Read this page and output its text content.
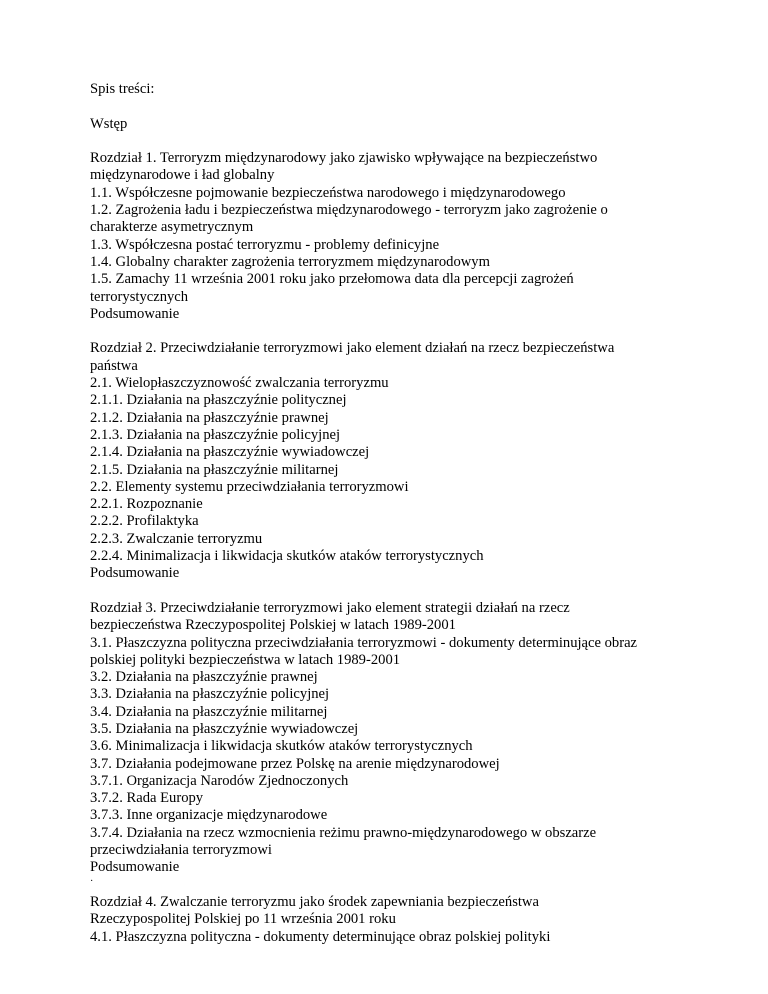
Spis treści:
Wstęp
Rozdział 1. Terroryzm międzynarodowy jako zjawisko wpływające na bezpieczeństwo
międzynarodowe i ład globalny
1.1. Współczesne pojmowanie bezpieczeństwa narodowego i międzynarodowego
1.2. Zagrożenia ładu i bezpieczeństwa międzynarodowego - terroryzm jako zagrożenie o
charakterze asymetrycznym
1.3. Współczesna postać terroryzmu - problemy definicyjne
1.4. Globalny charakter zagrożenia terroryzmem międzynarodowym
1.5. Zamachy 11 września 2001 roku jako przełomowa data dla percepcji zagrożeń
terrorystycznych
Podsumowanie
Rozdział 2. Przeciwdziałanie terroryzmowi jako element działań na rzecz bezpieczeństwa
państwa
2.1. Wielopłaszczyznowość zwalczania terroryzmu
2.1.1. Działania na płaszczyźnie politycznej
2.1.2. Działania na płaszczyźnie prawnej
2.1.3. Działania na płaszczyźnie policyjnej
2.1.4. Działania na płaszczyźnie wywiadowczej
2.1.5. Działania na płaszczyźnie militarnej
2.2. Elementy systemu przeciwdziałania terroryzmowi
2.2.1. Rozpoznanie
2.2.2. Profilaktyka
2.2.3. Zwalczanie terroryzmu
2.2.4. Minimalizacja i likwidacja skutków ataków terrorystycznych
Podsumowanie
Rozdział 3. Przeciwdziałanie terroryzmowi jako element strategii działań na rzecz
bezpieczeństwa Rzeczypospolitej Polskiej w latach 1989-2001
3.1. Płaszczyzna polityczna przeciwdziałania terroryzmowi - dokumenty determinujące obraz
polskiej polityki bezpieczeństwa w latach 1989-2001
3.2. Działania na płaszczyźnie prawnej
3.3. Działania na płaszczyźnie policyjnej
3.4. Działania na płaszczyźnie militarnej
3.5. Działania na płaszczyźnie wywiadowczej
3.6. Minimalizacja i likwidacja skutków ataków terrorystycznych
3.7. Działania podejmowane przez Polskę na arenie międzynarodowej
3.7.1. Organizacja Narodów Zjednoczonych
3.7.2. Rada Europy
3.7.3. Inne organizacje międzynarodowe
3.7.4. Działania na rzecz wzmocnienia reżimu prawno-międzynarodowego w obszarze
przeciwdziałania terroryzmowi
Podsumowanie
·
Rozdział 4. Zwalczanie terroryzmu jako środek zapewniania bezpieczeństwa
Rzeczypospolitej Polskiej po 11 września 2001 roku
4.1. Płaszczyzna polityczna - dokumenty determinujące obraz polskiej polityki
